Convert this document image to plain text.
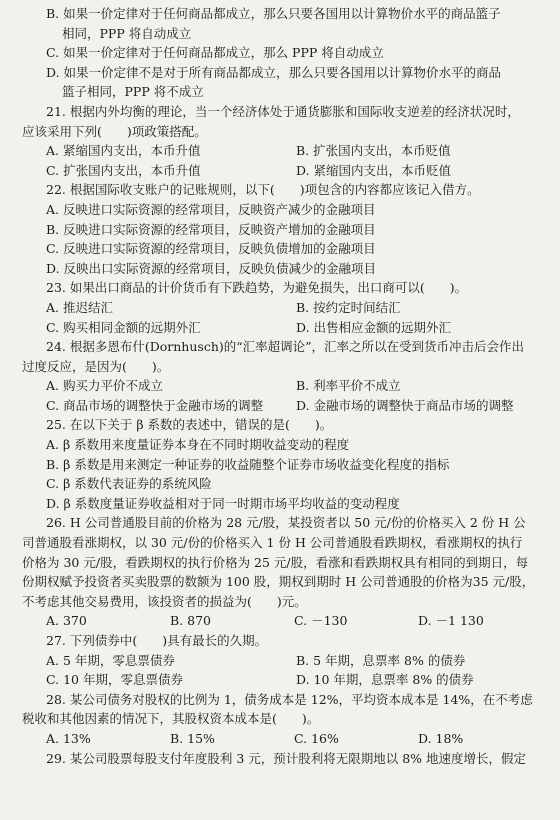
B. 如果一价定律对于任何商品都成立，那么只要各国用以计算物价水平的商品篮子
相同，PPP 将自动成立
C. 如果一价定律对于任何商品都成立，那么 PPP 将自动成立
D. 如果一价定律不是对于所有商品都成立，那么只要各国用以计算物价水平的商品
篮子相同，PPP 将不成立
21. 根据内外均衡的理论，当一个经济体处于通货膨胀和国际收支逆差的经济状况时，
应该采用下列(　　)项政策搭配。
A. 紧缩国内支出，本币升值	B. 扩张国内支出，本币贬值
C. 扩张国内支出，本币升值	D. 紧缩国内支出，本币贬值
22. 根据国际收支账户的记账规则，以下(　　)项包含的内容都应该记入借方。
A. 反映进口实际资源的经常项目，反映资产减少的金融项目
B. 反映进口实际资源的经常项目，反映资产增加的金融项目
C. 反映进口实际资源的经常项目，反映负债增加的金融项目
D. 反映出口实际资源的经常项目，反映负债减少的金融项目
23. 如果出口商品的计价货币有下跌趋势，为避免损失，出口商可以(　　)。
A. 推迟结汇	B. 按约定时间结汇
C. 购买相同金额的远期外汇	D. 出售相应金额的远期外汇
24. 根据多恩布什(Dornhusch)的“汇率超调论”，汇率之所以在受到货币冲击后会作出
过度反应，是因为(　　)。
A. 购买力平价不成立	B. 利率平价不成立
C. 商品市场的调整快于金融市场的调整	D. 金融市场的调整快于商品市场的调整
25. 在以下关于 β 系数的表述中，错误的是(　　)。
A. β 系数用来度量证券本身在不同时期收益变动的程度
B. β 系数是用来测定一种证券的收益随整个证券市场收益变化程度的指标
C. β 系数代表证券的系统风险
D. β 系数度量证券收益相对于同一时期市场平均收益的变动程度
26. H 公司普通股目前的价格为 28 元/股，某投资者以 50 元/份的价格买入 2 份 H 公
司普通股看涨期权，以 30 元/份的价格买入 1 份 H 公司普通股看跌期权，看涨期权的执行
价格为 30 元/股，看跌期权的执行价格为 25 元/股，看涨和看跌期权具有相同的到期日，每
份期权赋予投资者买卖股票的数额为 100 股，期权到期时 H 公司普通股的价格为35 元/股，
不考虑其他交易费用，该投资者的损益为(　　)元。
A. 370	B. 870	C. －130	D. －1 130
27. 下列债券中(　　)具有最长的久期。
A. 5 年期，零息票债券	B. 5 年期，息票率 8% 的债券
C. 10 年期，零息票债券	D. 10 年期，息票率 8% 的债券
28. 某公司债务对股权的比例为 1，债务成本是 12%，平均资本成本是 14%，在不考虑
税收和其他因素的情况下，其股权资本成本是(　　)。
A. 13%	B. 15%	C. 16%	D. 18%
29. 某公司股票每股支付年度股利 3 元，预计股利将无限期地以 8% 地速度增长，假定
